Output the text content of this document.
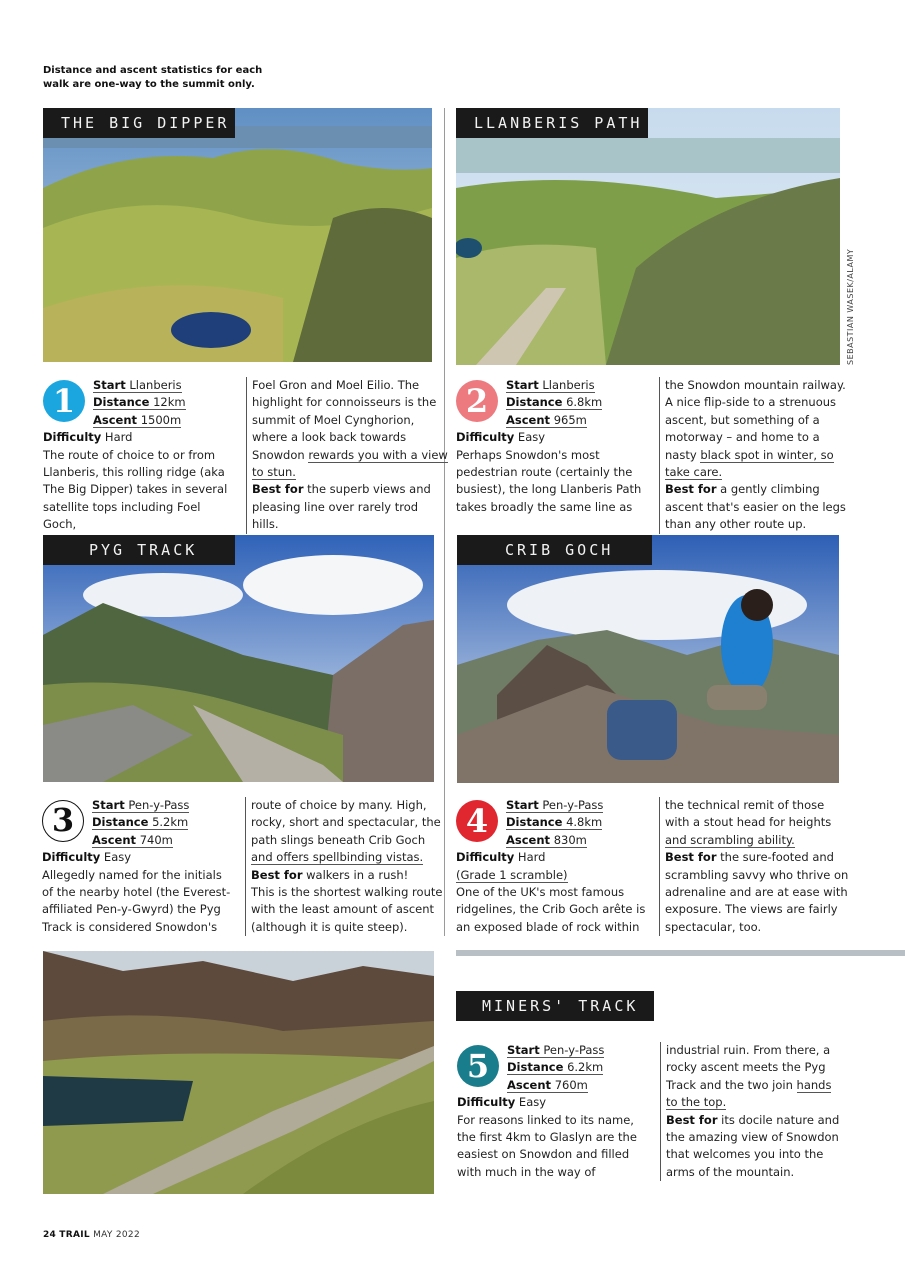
Distance and ascent statistics for each walk are one-way to the summit only.
THE BIG DIPPER	LLANBERIS PATH
SEBASTIAN WASEK/ALAMY
1	Start Llanberis
Distance 12km
Ascent 1500m
Difficulty Hard
The route of choice to or from Llanberis, this rolling ridge (aka The Big Dipper) takes in several satellite tops including Foel Goch,
Foel Gron and Moel Eilio. The highlight for connoisseurs is the summit of Moel Cynghorion, where a look back towards Snowdon rewards you with a view to stun.
Best for the superb views and pleasing line over rarely trod hills.
2	Start Llanberis
Distance 6.8km
Ascent 965m
Difficulty Easy
Perhaps Snowdon's most pedestrian route (certainly the busiest), the long Llanberis Path takes broadly the same line as
the Snowdon mountain railway. A nice flip-side to a strenuous ascent, but something of a motorway – and home to a nasty black spot in winter, so take care.
Best for a gently climbing ascent that's easier on the legs than any other route up.
PYG TRACK	CRIB GOCH
3	Start Pen-y-Pass
Distance 5.2km
Ascent 740m
Difficulty Easy
Allegedly named for the initials of the nearby hotel (the Everest-affiliated Pen-y-Gwyrd) the Pyg Track is considered Snowdon's
route of choice by many. High, rocky, short and spectacular, the path slings beneath Crib Goch and offers spellbinding vistas.
Best for walkers in a rush!
This is the shortest walking route with the least amount of ascent (although it is quite steep).
4	Start Pen-y-Pass
Distance 4.8km
Ascent 830m
Difficulty Hard
(Grade 1 scramble)
One of the UK's most famous ridgelines, the Crib Goch arête is an exposed blade of rock within
the technical remit of those with a stout head for heights and scrambling ability.
Best for the sure-footed and scrambling savvy who thrive on adrenaline and are at ease with exposure. The views are fairly spectacular, too.
MINERS' TRACK
5	Start Pen-y-Pass
Distance 6.2km
Ascent 760m
Difficulty Easy
For reasons linked to its name, the first 4km to Glaslyn are the easiest on Snowdon and filled with much in the way of
industrial ruin. From there, a rocky ascent meets the Pyg Track and the two join hands to the top.
Best for its docile nature and the amazing view of Snowdon that welcomes you into the arms of the mountain.
24 TRAIL MAY 2022
